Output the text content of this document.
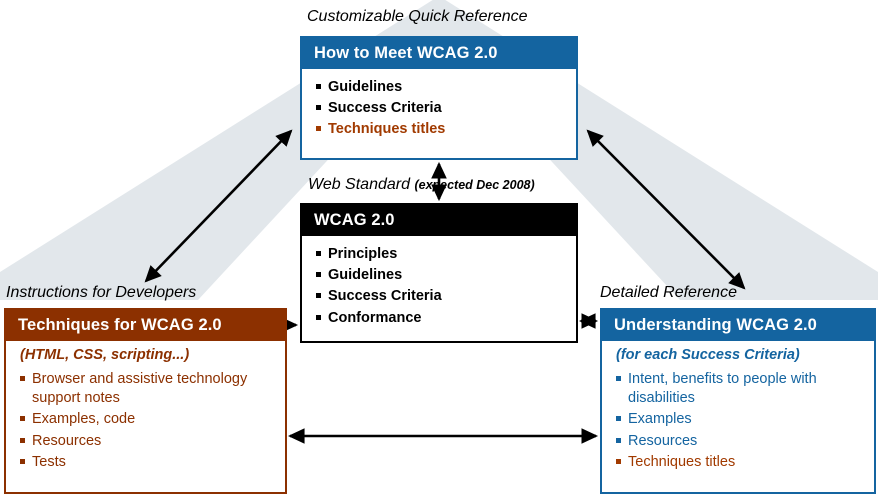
Customizable Quick Reference
Web Standard (expected Dec 2008)
Instructions for Developers	Detailed Reference
How to Meet WCAG 2.0
Guidelines
Success Criteria
Techniques titles
WCAG 2.0
Principles
Guidelines
Success Criteria
Conformance
Techniques for WCAG 2.0
(HTML, CSS, scripting...)
Browser and assistive technology support notes
Examples, code
Resources
Tests
Understanding WCAG 2.0
(for each Success Criteria)
Intent, benefits to people with disabilities
Examples
Resources
Techniques titles
